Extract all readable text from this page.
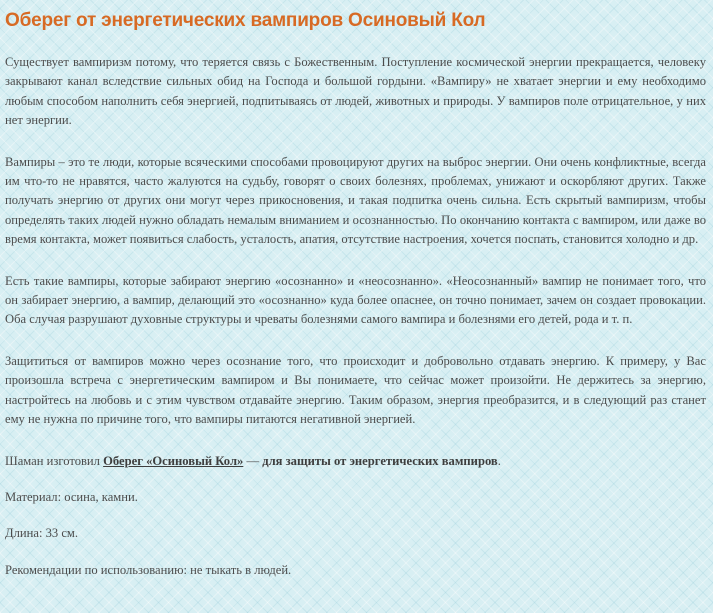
Оберег от энергетических вампиров Осиновый Кол

Существует вампиризм потому, что теряется связь с Божественным. Поступление космической энергии прекращается, человеку закрывают канал вследствие сильных обид на Господа и большой гордыни. «Вампиру» не хватает энергии и ему необходимо любым способом наполнить себя энергией, подпитываясь от людей, животных и природы. У вампиров поле отрицательное, у них нет энергии.

Вампиры – это те люди, которые всяческими способами провоцируют других на выброс энергии. Они очень конфликтные, всегда им что-то не нравятся, часто жалуются на судьбу, говорят о своих болезнях, проблемах, унижают и оскорбляют других. Также получать энергию от других они могут через прикосновения, и такая подпитка очень сильна. Есть скрытый вампиризм, чтобы определять таких людей нужно обладать немалым вниманием и осознанностью. По окончанию контакта с вампиром, или даже во время контакта, может появиться слабость, усталость, апатия, отсутствие настроения, хочется поспать, становится холодно и др.

Есть такие вампиры, которые забирают энергию «осознанно» и «неосознанно». «Неосознанный» вампир не понимает того, что он забирает энергию, а вампир, делающий это «осознанно» куда более опаснее, он точно понимает, зачем он создает провокации. Оба случая разрушают духовные структуры и чреваты болезнями самого вампира и болезнями его детей, рода и т. п.

Защититься от вампиров можно через осознание того, что происходит и добровольно отдавать энергию. К примеру, у Вас произошла встреча с энергетическим вампиром и Вы понимаете, что сейчас может произойти. Не держитесь за энергию, настройтесь на любовь и с этим чувством отдавайте энергию. Таким образом, энергия преобразится, и в следующий раз станет ему не нужна по причине того, что вампиры питаются негативной энергией.

Шаман изготовил Оберег «Осиновый Кол» — для защиты от энергетических вампиров.

Материал: осина, камни.

Длина: 33 см.

Рекомендации по использованию: не тыкать в людей.
